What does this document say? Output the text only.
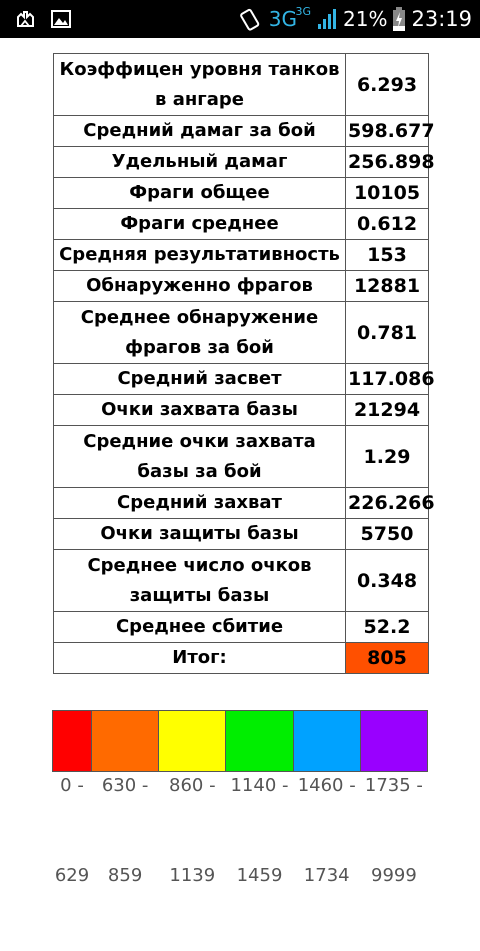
3G
3G 21% 23:19
Коэффицен уровня танков в ангаре	6.293
Средний дамаг за бой	598.677
Удельный дамаг	256.898
Фраги общее	10105
Фраги среднее	0.612
Средняя результативность	153
Обнаруженно фрагов	12881
Среднее обнаружение фрагов за бой	0.781
Средний засвет	117.086
Очки захвата базы	21294
Средние очки захвата базы за бой	1.29
Средний захват	226.266
Очки защиты базы	5750
Среднее число очков защиты базы	0.348
Среднее сбитие	52.2
Итог:	805

0 -

629

630 -

859

860 -

1139

1140 -

1459

1460 -

1734

1735 -

9999
